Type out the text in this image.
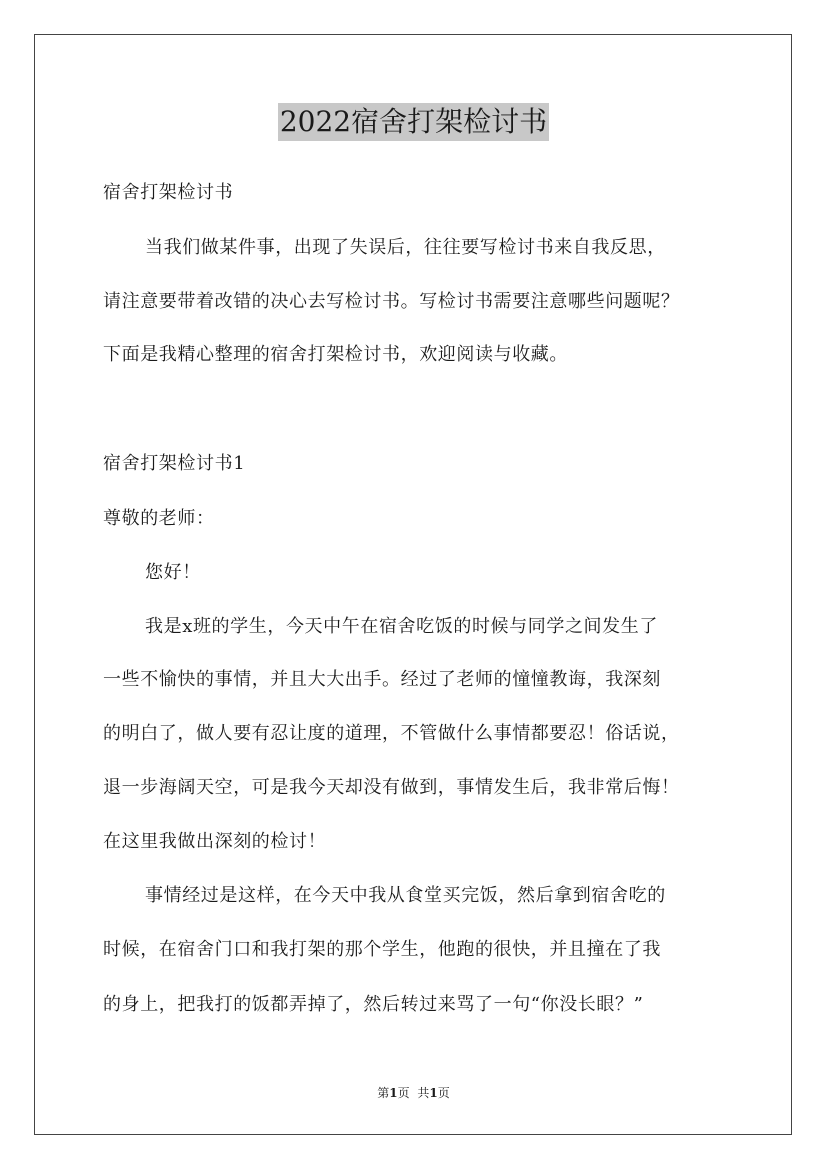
2022宿舍打架检讨书
宿舍打架检讨书
当我们做某件事，出现了失误后，往往要写检讨书来自我反思，
请注意要带着改错的决心去写检讨书。写检讨书需要注意哪些问题呢？
下面是我精心整理的宿舍打架检讨书，欢迎阅读与收藏。
宿舍打架检讨书1
尊敬的老师：
您好！
我是x班的学生，今天中午在宿舍吃饭的时候与同学之间发生了
一些不愉快的事情，并且大大出手。经过了老师的憧憧教诲，我深刻
的明白了，做人要有忍让度的道理，不管做什么事情都要忍！俗话说，
退一步海阔天空，可是我今天却没有做到，事情发生后，我非常后悔！
在这里我做出深刻的检讨！
事情经过是这样，在今天中我从食堂买完饭，然后拿到宿舍吃的
时候，在宿舍门口和我打架的那个学生，他跑的很快，并且撞在了我
的身上，把我打的饭都弄掉了，然后转过来骂了一句“你没长眼？”
第1页 共1页
